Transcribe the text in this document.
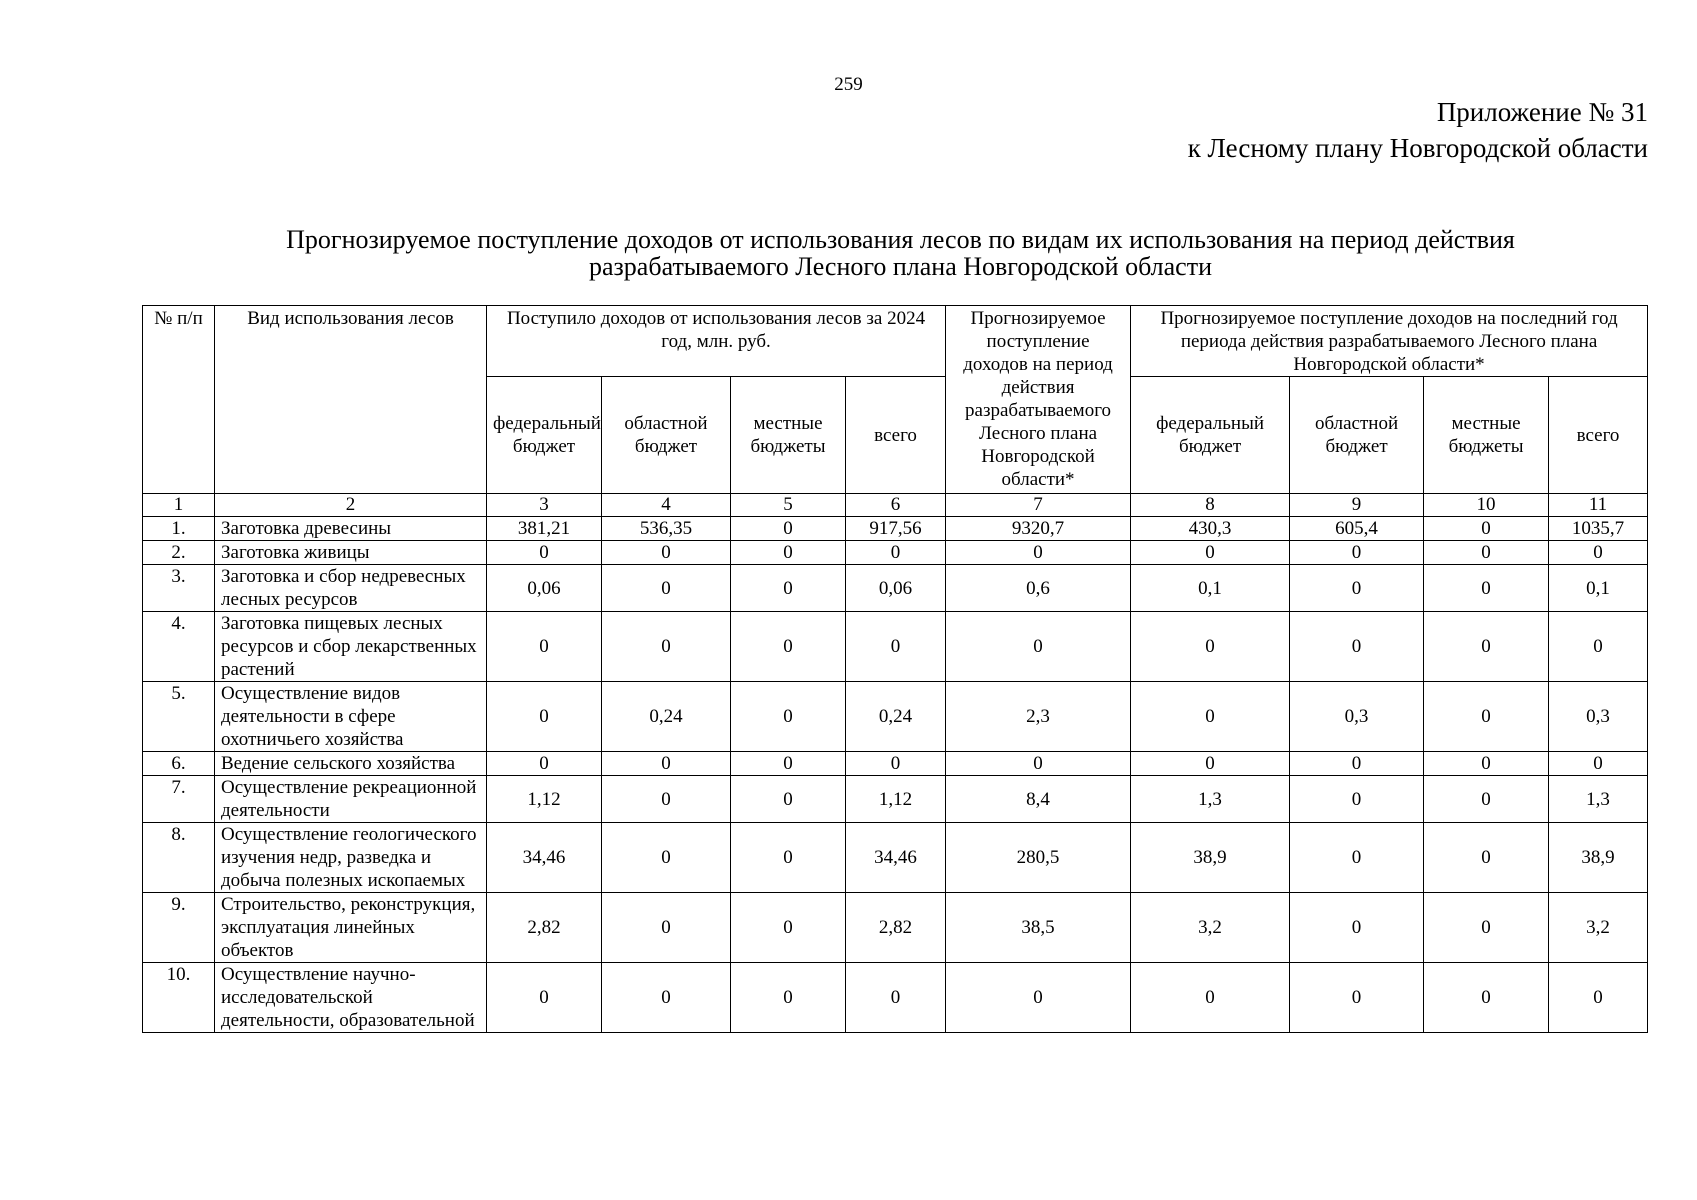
259
Приложение № 31
к Лесному плану Новгородской области
Прогнозируемое поступление доходов от использования лесов по видам их использования на период действия
разрабатываемого Лесного плана Новгородской области
№ п/п	Вид использования лесов	Поступило доходов от использования лесов за 2024 год, млн. руб.				Прогнозируемое поступление доходов на период действия разрабатываемого Лесного плана Новгородской области*	Прогнозируемое поступление доходов на последний год периода действия разрабатываемого Лесного плана Новгородской области*			
		федеральный бюджет	областной бюджет	местные бюджеты	всего		федеральный бюджет	областной бюджет	местные бюджеты	всего
1	2	3	4	5	6	7	8	9	10	11
1.	Заготовка древесины	381,21	536,35	0	917,56	9320,7	430,3	605,4	0	1035,7
2.	Заготовка живицы	0	0	0	0	0	0	0	0	0
3.	Заготовка и сбор недревесных лесных ресурсов	0,06	0	0	0,06	0,6	0,1	0	0	0,1
4.	Заготовка пищевых лесных ресурсов и сбор лекарственных растений	0	0	0	0	0	0	0	0	0
5.	Осуществление видов деятельности в сфере охотничьего хозяйства	0	0,24	0	0,24	2,3	0	0,3	0	0,3
6.	Ведение сельского хозяйства	0	0	0	0	0	0	0	0	0
7.	Осуществление рекреационной деятельности	1,12	0	0	1,12	8,4	1,3	0	0	1,3
8.	Осуществление геологического изучения недр, разведка и добыча полезных ископаемых	34,46	0	0	34,46	280,5	38,9	0	0	38,9
9.	Строительство, реконструкция, эксплуатация линейных объектов	2,82	0	0	2,82	38,5	3,2	0	0	3,2
10.	Осуществление научно-исследовательской деятельности, образовательной	0	0	0	0	0	0	0	0	0
